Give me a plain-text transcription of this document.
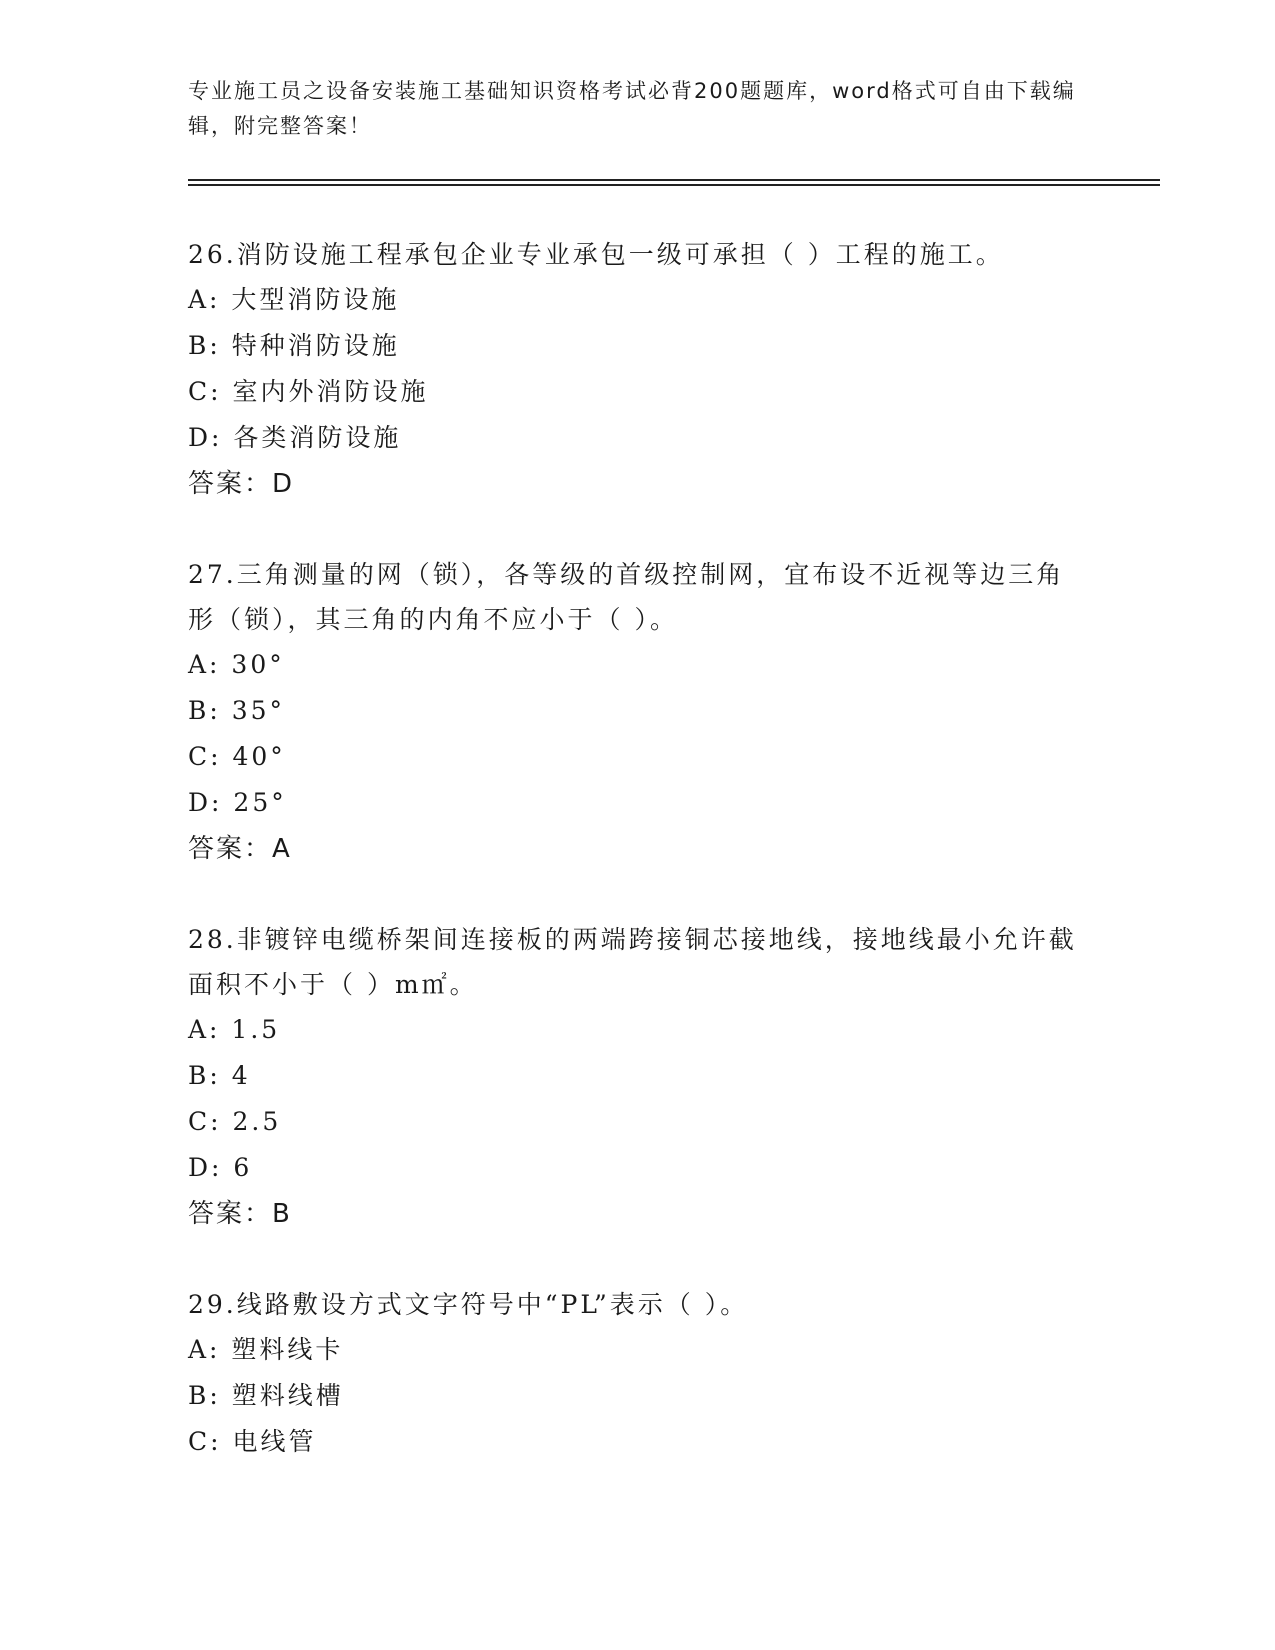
专业施工员之设备安装施工基础知识资格考试必背200题题库，word格式可自由下载编辑，附完整答案！
26.消防设施工程承包企业专业承包一级可承担（ ）工程的施工。
A: 大型消防设施
B: 特种消防设施
C: 室内外消防设施
D: 各类消防设施
答案：D
27.三角测量的网（锁），各等级的首级控制网，宜布设不近视等边三角形（锁），其三角的内角不应小于（ ）。
A: 30°
B: 35°
C: 40°
D: 25°
答案：A
28.非镀锌电缆桥架间连接板的两端跨接铜芯接地线，接地线最小允许截面积不小于（ ）m㎡。
A: 1.5
B: 4
C: 2.5
D: 6
答案：B
29.线路敷设方式文字符号中“PL”表示（ ）。
A: 塑料线卡
B: 塑料线槽
C: 电线管
